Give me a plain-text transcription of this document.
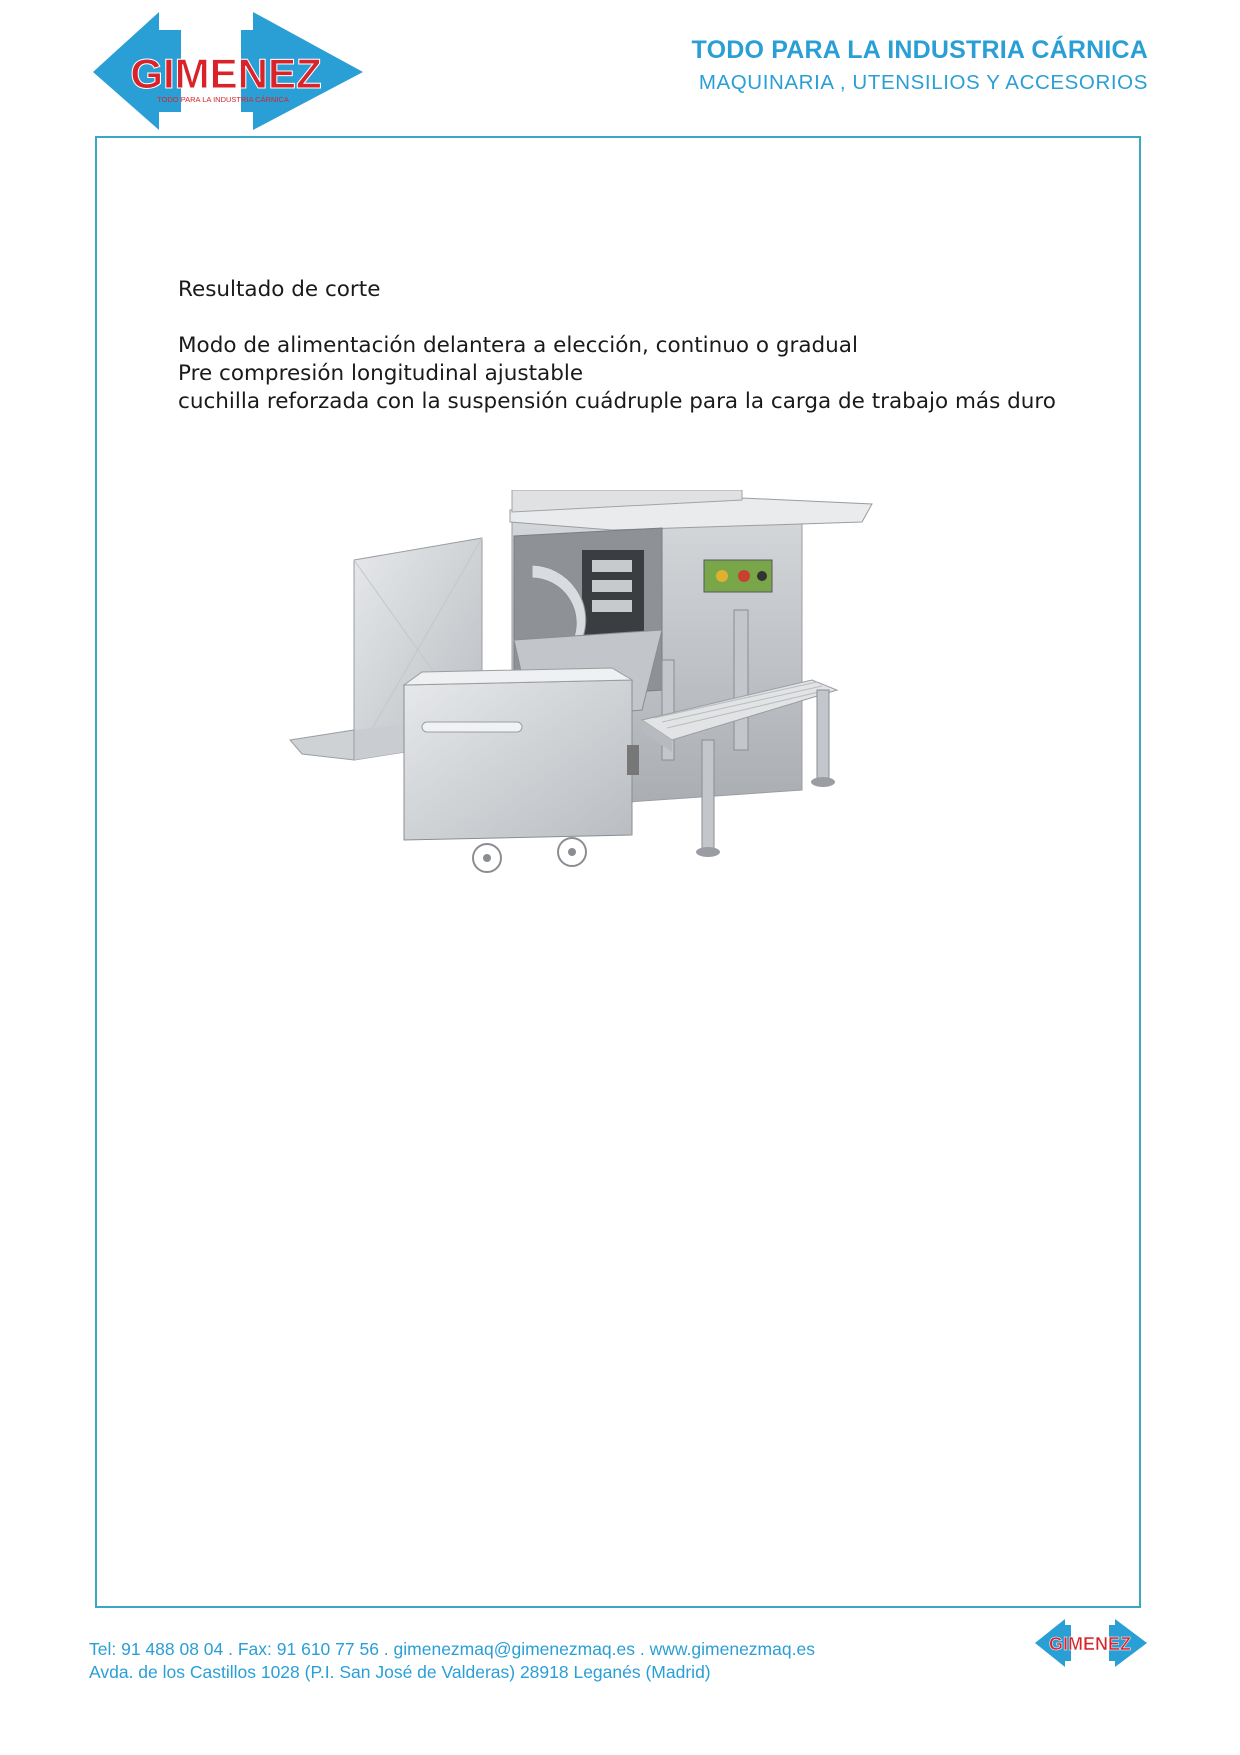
GIMENEZ
TODO PARA LA INDUSTRIA CÁRNICA
TODO PARA LA INDUSTRIA CÁRNICA
MAQUINARIA , UTENSILIOS Y ACCESORIOS

Resultado de corte

Modo de alimentación delantera a elección, continuo o gradual

Pre compresión longitudinal ajustable

cuchilla reforzada con la suspensión cuádruple para la carga de trabajo más duro

Tel: 91 488 08 04 . Fax: 91 610 77 56 . gimenezmaq@gimenezmaq.es . www.gimenezmaq.es
Avda. de los Castillos 1028 (P.I. San José de Valderas) 28918 Leganés (Madrid)
GIMENEZ
